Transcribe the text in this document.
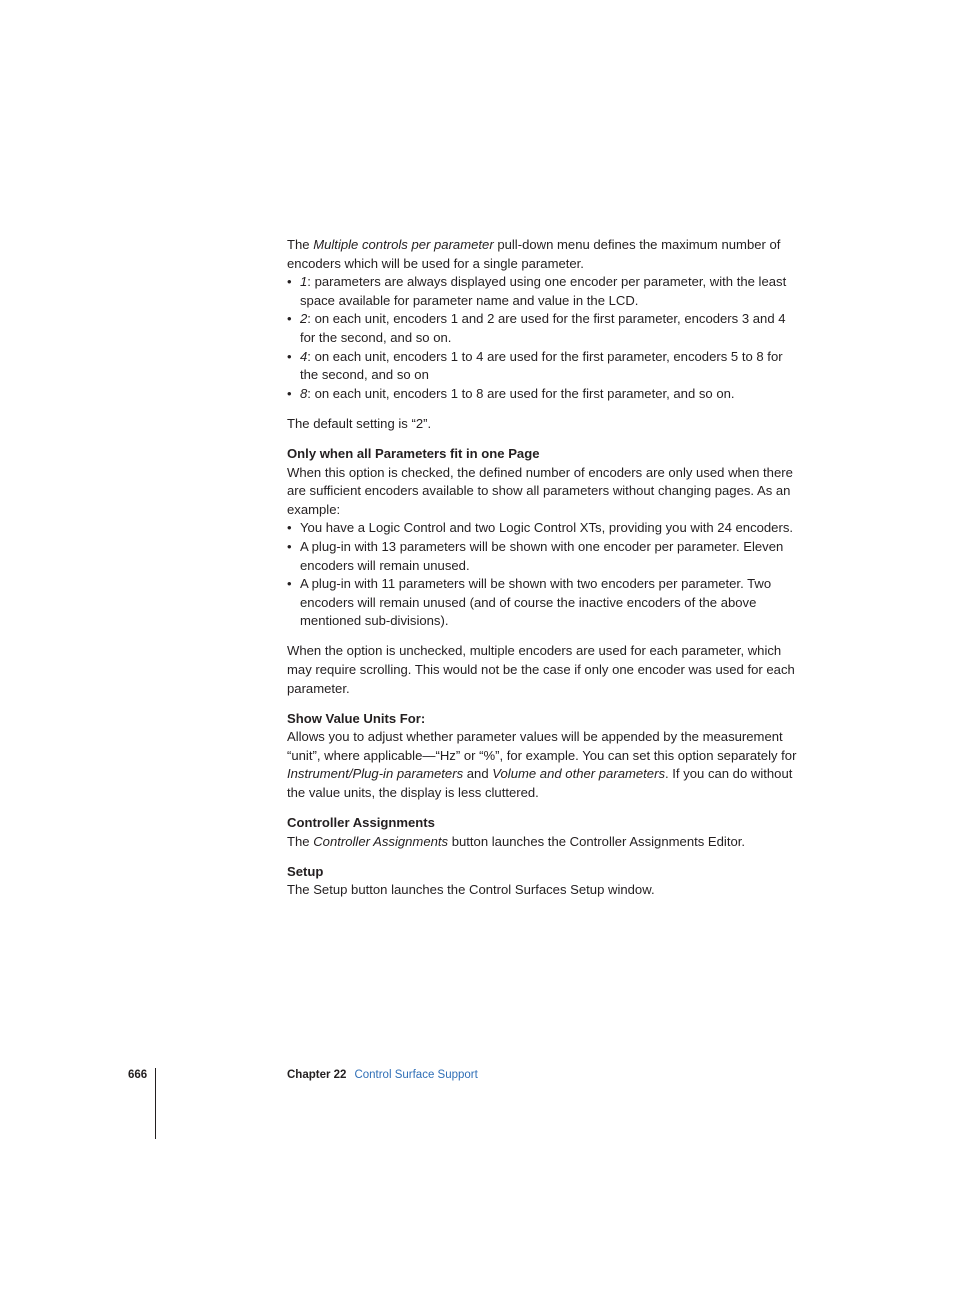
The Multiple controls per parameter pull-down menu defines the maximum number of encoders which will be used for a single parameter.

• 1: parameters are always displayed using one encoder per parameter, with the least space available for parameter name and value in the LCD.
• 2: on each unit, encoders 1 and 2 are used for the first parameter, encoders 3 and 4 for the second, and so on.
• 4: on each unit, encoders 1 to 4 are used for the first parameter, encoders 5 to 8 for the second, and so on
• 8: on each unit, encoders 1 to 8 are used for the first parameter, and so on.

The default setting is “2”.

Only when all Parameters fit in one Page

When this option is checked, the defined number of encoders are only used when there are sufficient encoders available to show all parameters without changing pages. As an example:

• You have a Logic Control and two Logic Control XTs, providing you with 24 encoders.
• A plug-in with 13 parameters will be shown with one encoder per parameter. Eleven encoders will remain unused.
• A plug-in with 11 parameters will be shown with two encoders per parameter. Two encoders will remain unused (and of course the inactive encoders of the above mentioned sub-divisions).

When the option is unchecked, multiple encoders are used for each parameter, which may require scrolling. This would not be the case if only one encoder was used for each parameter.

Show Value Units For:

Allows you to adjust whether parameter values will be appended by the measurement “unit”, where applicable—“Hz” or “%”, for example. You can set this option separately for Instrument/Plug-in parameters and Volume and other parameters. If you can do without the value units, the display is less cluttered.

Controller Assignments

The Controller Assignments button launches the Controller Assignments Editor.

Setup

The Setup button launches the Control Surfaces Setup window.

666	Chapter 22 Control Surface Support
